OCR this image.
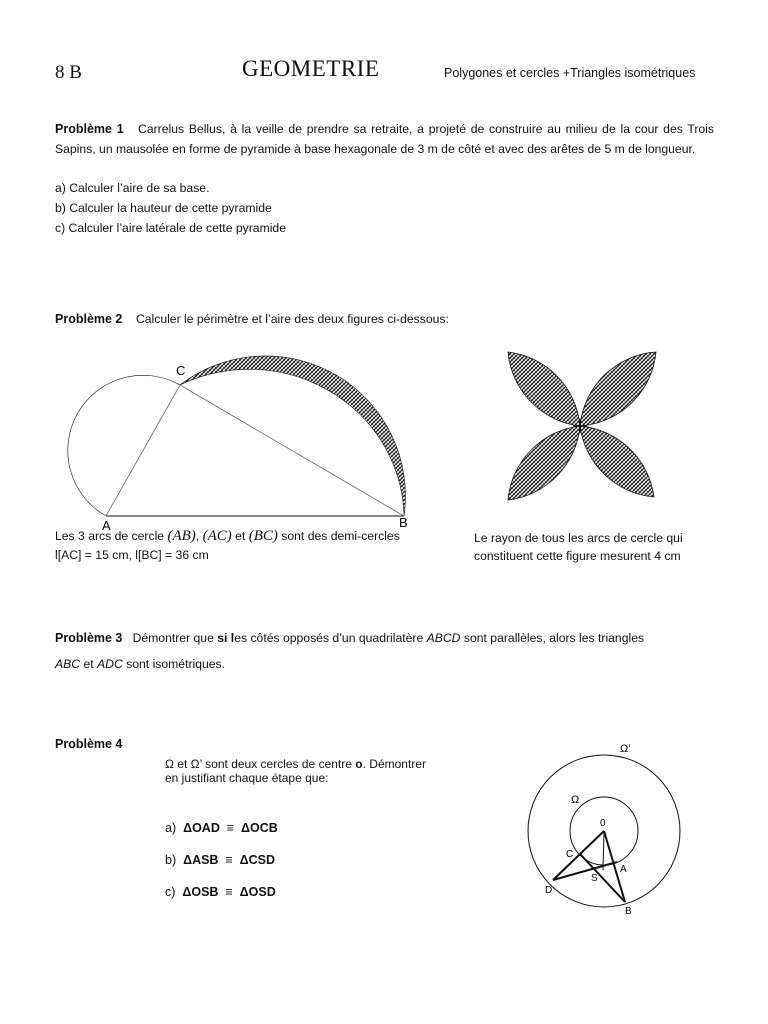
8 B	GEOMETRIE	Polygones et cercles +Triangles isométriques
Problème 1 Carrelus Bellus, à la veille de prendre sa retraite, a projeté de construire au milieu de la cour des Trois Sapins, un mausolée en forme de pyramide à base hexagonale de 3 m de côté et avec des arêtes de 5 m de longueur.
a) Calculer l’aire de sa base.
b) Calculer la hauteur de cette pyramide
c) Calculer l’aire latérale de cette pyramide
Problème 2 Calculer le périmètre et l’aire des deux figures ci-dessous:
A	B
C
Ω'
Ω
0
A
B
C
D
S
Les 3 arcs de cercle (AB), (AC) et (BC) sont des demi-cercles
l[AC] = 15 cm, l[BC] = 36 cm
Le rayon de tous les arcs de cercle qui
constituent cette figure mesurent 4 cm
Problème 3 Démontrer que si les côtés opposés d’un quadrilatère ABCD sont parallèles, alors les triangles
ABC et ADC sont isométriques.
Problème 4
Ω et Ω’ sont deux cercles de centre o. Démontrer
en justifiant chaque étape que:
a) ΔOAD ≡ ΔOCB
b) ΔASB ≡ ΔCSD
c) ΔOSB ≡ ΔOSD
